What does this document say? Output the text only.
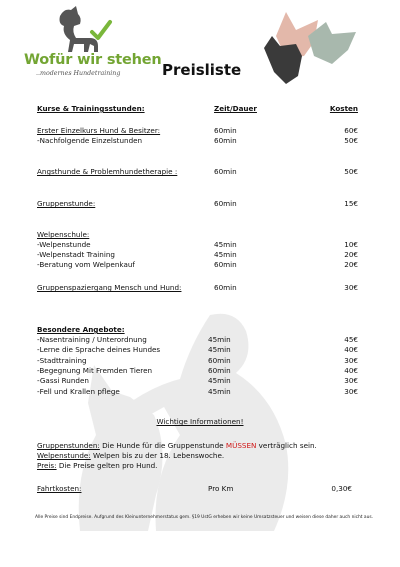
Wofür wir stehen
..modernes Hundetraining	Preisliste
Kurse & Trainingsstunden:	Zeit/Dauer	Kosten
Erster Einzelkurs Hund & Besitzer:	60min	60€
-Nachfolgende Einzelstunden	60min	50€
Angsthunde & Problemhundetherapie :	60min	50€
Gruppenstunde:	60min	15€
Welpenschule:
-Welpenstunde	45min	10€
-Welpenstadt Training	45min	20€
-Beratung vom Welpenkauf	60min	20€
Gruppenspaziergang Mensch und Hund:	60min	30€
Besondere Angebote:
-Nasentraining / Unterordnung	45min	45€
-Lerne die Sprache deines Hundes	45min	40€
-Stadttraining	60min	30€
-Begegnung Mit Fremden Tieren	60min	40€
-Gassi Runden	45min	30€
-Fell und Krallen pflege	45min	30€
Wichtige Informationen!
Gruppenstunden: Die Hunde für die Gruppenstunde MÜSSEN verträglich sein.
Welpenstunde: Welpen bis zu der 18. Lebenswoche.
Preis: Die Preise gelten pro Hund.
Fahrtkosten:	Pro Km	0,30€
Alle Preise sind Endpreise. Aufgrund des Kleinunternehmerstatus gem. §19 UstG erheben wir keine Umsatzsteuer und weisen diese daher auch nicht aus.
